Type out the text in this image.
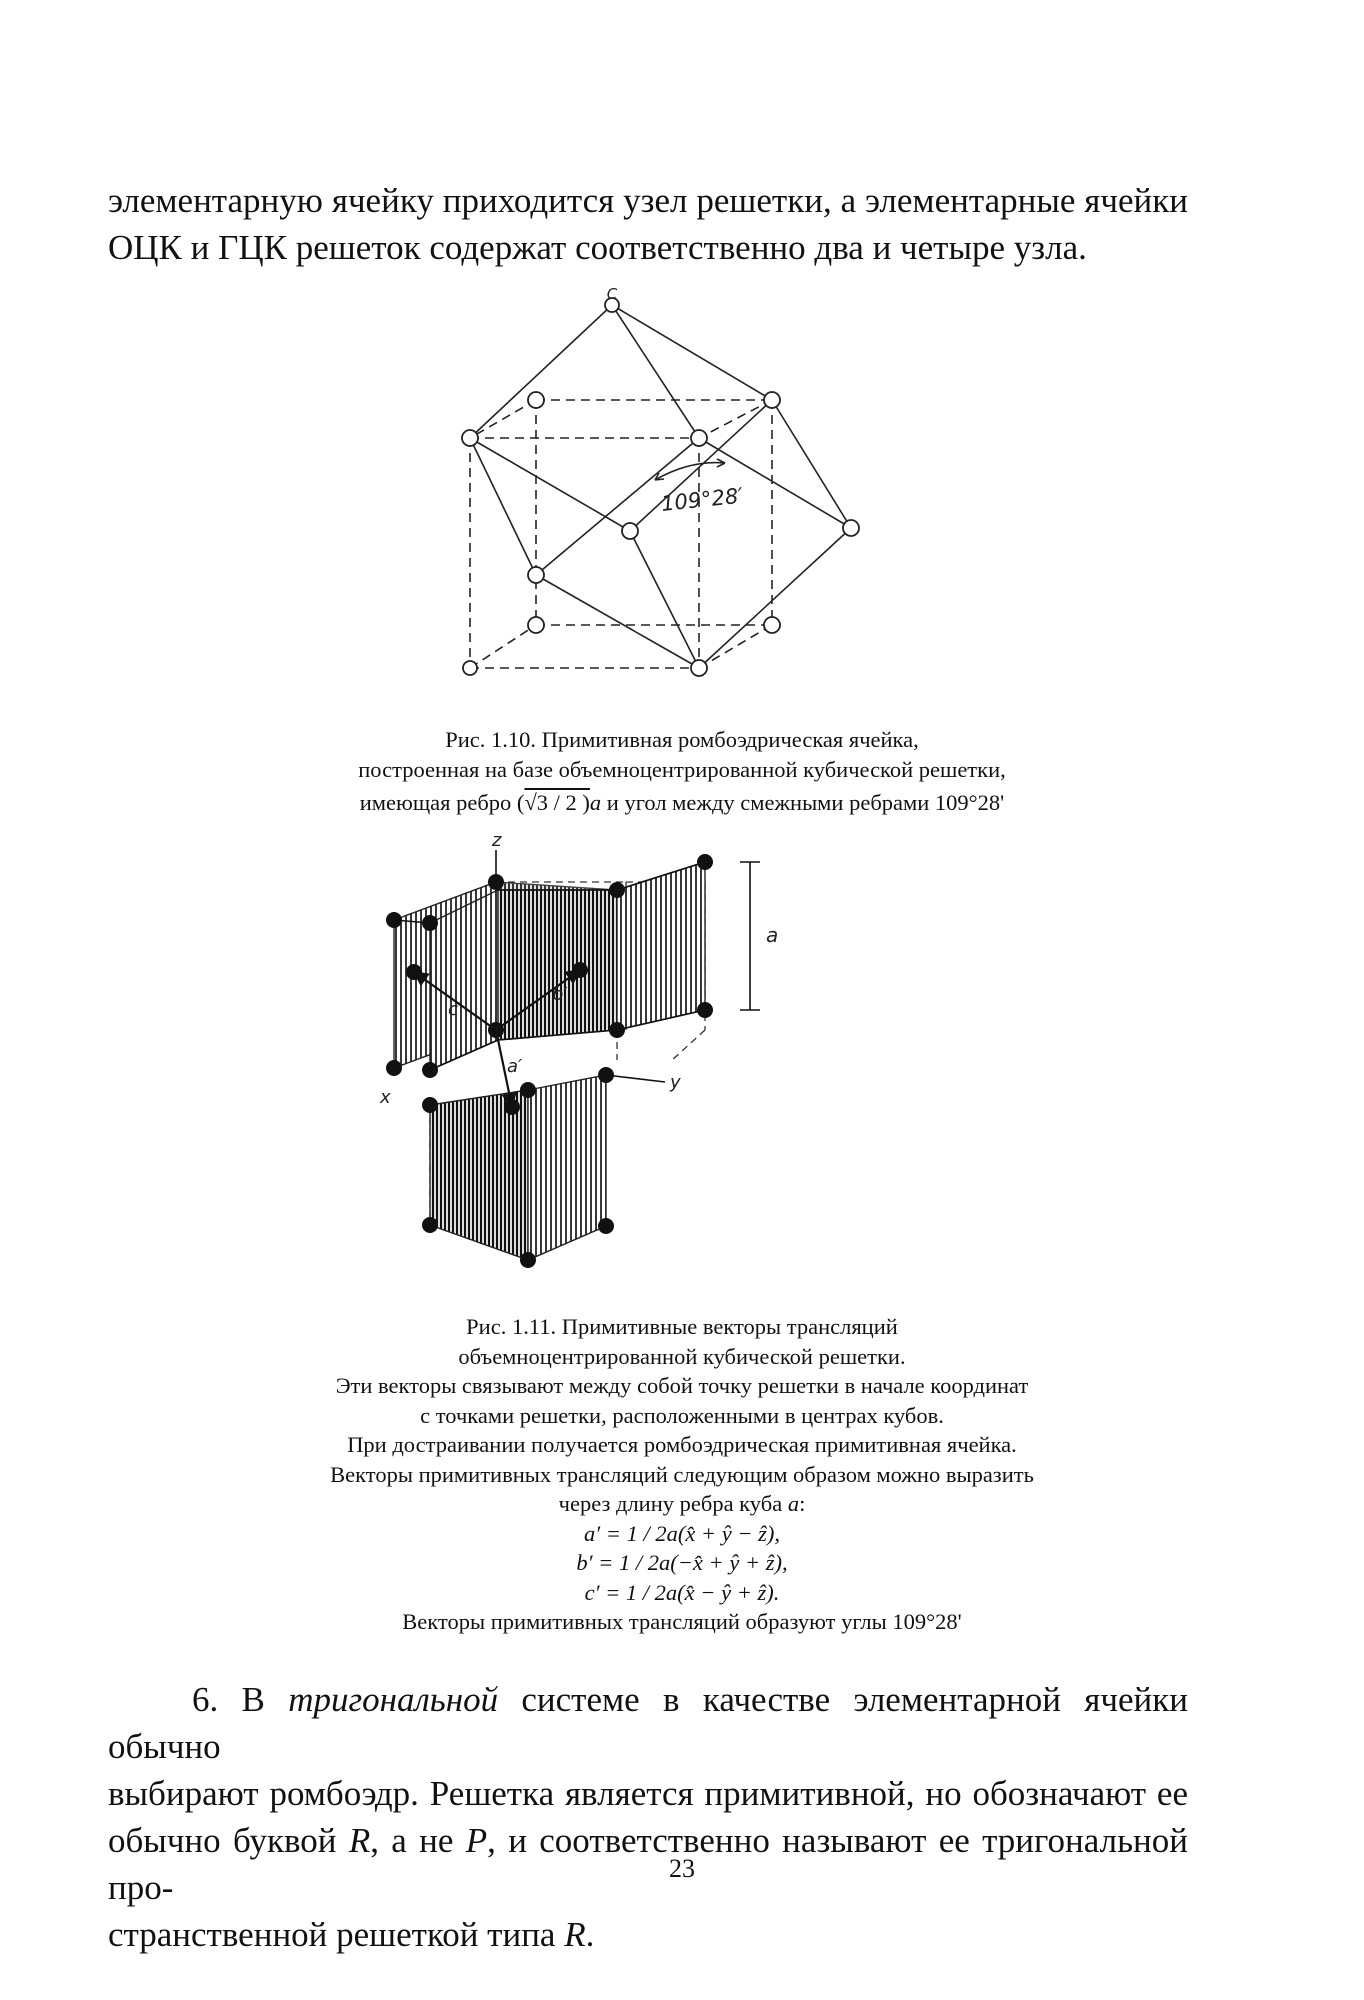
элементарную ячейку приходится узел решетки, а элементарные ячейки
ОЦК и ГЦК решеток содержат соответственно два и четыре узла.
С
109°28′
Рис. 1.10. Примитивная ромбоэдрическая ячейка,
построенная на базе объемноцентрированной кубической решетки,
имеющая ребро (√3 / 2 )a и угол между смежными ребрами 109°28'
z
x
y
a
a′
b′
c′
Рис. 1.11. Примитивные векторы трансляций
объемноцентрированной кубической решетки.
Эти векторы связывают между собой точку решетки в начале координат
с точками решетки, расположенными в центрах кубов.
При достраивании получается ромбоэдрическая примитивная ячейка.
Векторы примитивных трансляций следующим образом можно выразить
через длину ребра куба a:
a′ = 1 / 2a(x̂ + ŷ − ẑ),
b′ = 1 / 2a(−x̂ + ŷ + ẑ),
c′ = 1 / 2a(x̂ − ŷ + ẑ).
Векторы примитивных трансляций образуют углы 109°28'
6. В тригональной системе в качестве элементарной ячейки обычно
выбирают ромбоэдр. Решетка является примитивной, но обозначают ее
обычно буквой R, а не P, и соответственно называют ее тригональной про-
странственной решеткой типа R.
23
